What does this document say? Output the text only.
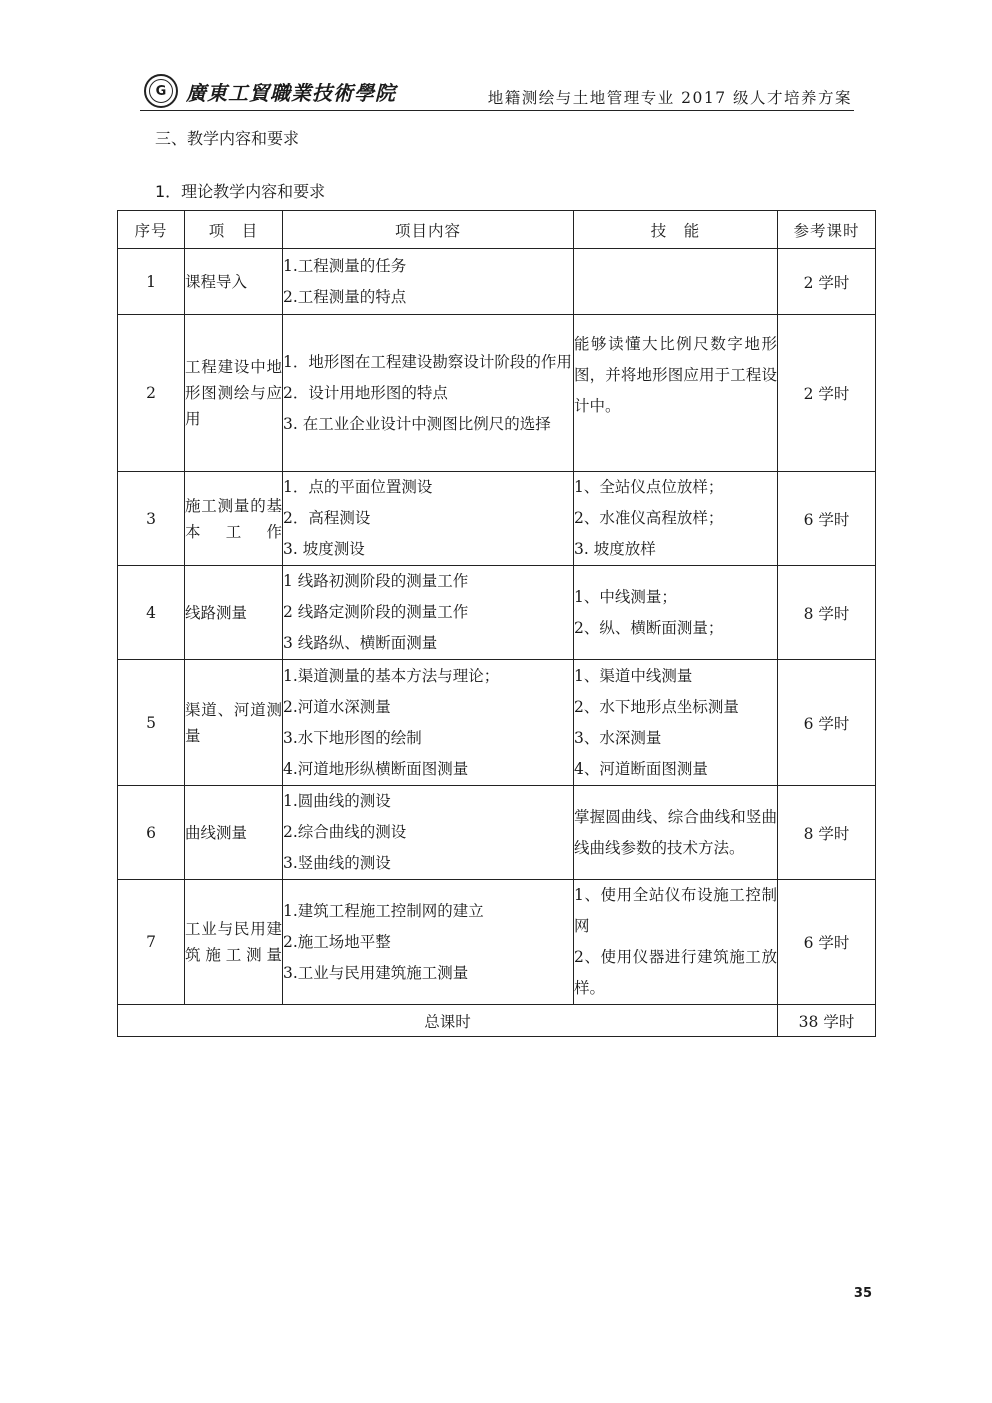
G 廣東工貿職業技術學院	地籍测绘与土地管理专业 2017 级人才培养方案
三、教学内容和要求
1．理论教学内容和要求
序号	项　目	项目内容	技　能	参考课时
1	课程导入	1.工程测量的任务
2.工程测量的特点		2 学时
2	工程建设中地形图测绘与应用	1．地形图在工程建设勘察设计阶段的作用
2．设计用地形图的特点
3. 在工业企业设计中测图比例尺的选择	能够读懂大比例尺数字地形图，并将地形图应用于工程设计中。	2 学时
3	施工测量的基本工作	1．点的平面位置测设
2．高程测设
3. 坡度测设	1、全站仪点位放样；
2、水准仪高程放样；
3. 坡度放样	6 学时
4	线路测量	1 线路初测阶段的测量工作
2 线路定测阶段的测量工作
3 线路纵、横断面测量	1、中线测量；
2、纵、横断面测量；	8 学时
5	渠道、河道测量	1.渠道测量的基本方法与理论；
2.河道水深测量
3.水下地形图的绘制
4.河道地形纵横断面图测量	1、渠道中线测量
2、水下地形点坐标测量
3、水深测量
4、河道断面图测量	6 学时
6	曲线测量	1.圆曲线的测设
2.综合曲线的测设
3.竖曲线的测设	掌握圆曲线、综合曲线和竖曲线曲线参数的技术方法。	8 学时
7	工业与民用建筑施工测量	1.建筑工程施工控制网的建立
2.施工场地平整
3.工业与民用建筑施工测量	1、使用全站仪布设施工控制网
2、使用仪器进行建筑施工放样。	6 学时
总课时				38 学时
35
